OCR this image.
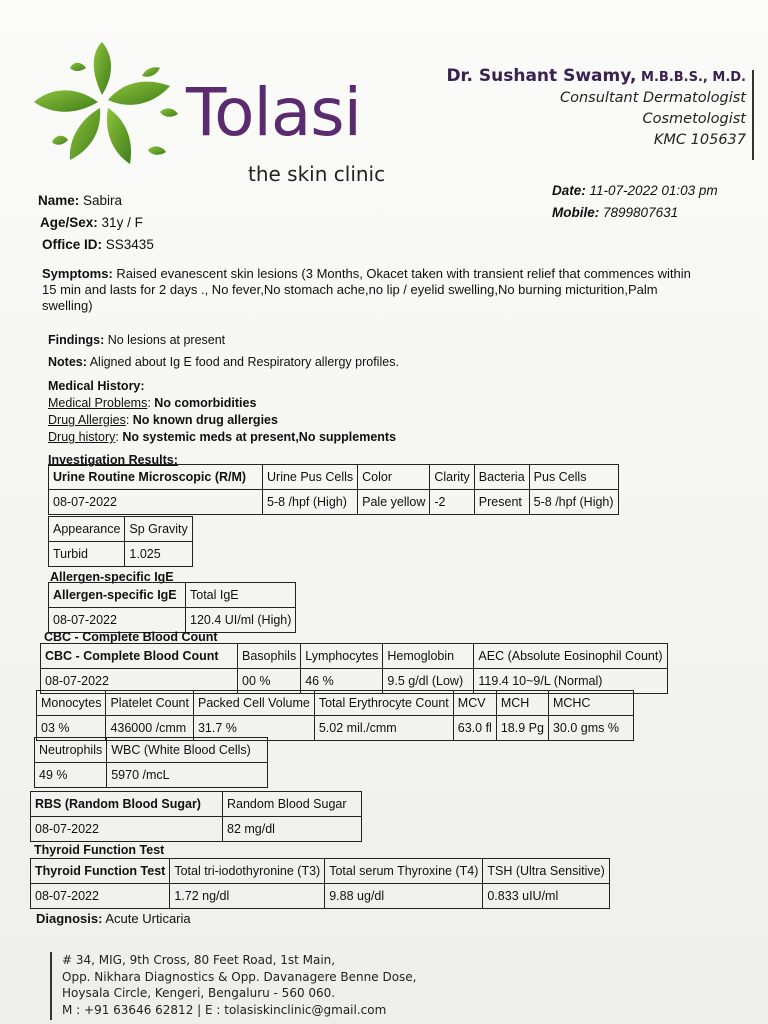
Tolasi
the skin clinic
Dr. Sushant Swamy, M.B.B.S., M.D.
Consultant Dermatologist
Cosmetologist
KMC 105637
Name: Sabira
Age/Sex: 31y / F
Office ID: SS3435
Date: 11-07-2022 01:03 pm
Mobile: 7899807631
Symptoms: Raised evanescent skin lesions (3 Months, Okacet taken with transient relief that commences within
15 min and lasts for 2 days ., No fever,No stomach ache,no lip / eyelid swelling,No burning micturition,Palm
swelling)
Findings: No lesions at present
Notes: Aligned about Ig E food and Respiratory allergy profiles.
Medical History:
Medical Problems: No comorbidities
Drug Allergies: No known drug allergies
Drug history: No systemic meds at present,No supplements
Investigation Results:
Urine Routine Microscopic (R/M)	Urine Pus Cells	Color	Clarity	Bacteria	Pus Cells
08-07-2022	5-8 /hpf (High)	Pale yellow	-2	Present	5-8 /hpf (High)
Appearance	Sp Gravity
Turbid	1.025
Allergen-specific IgE
Allergen-specific IgE	Total IgE
08-07-2022	120.4 UI/ml (High)
CBC - Complete Blood Count
CBC - Complete Blood Count	Basophils	Lymphocytes	Hemoglobin	AEC (Absolute Eosinophil Count)
08-07-2022	00 %	46 %	9.5 g/dl (Low)	119.4 10~9/L (Normal)
Monocytes	Platelet Count	Packed Cell Volume	Total Erythrocyte Count	MCV	MCH	MCHC
03 %	436000 /cmm	31.7 %	5.02 mil./cmm	63.0 fl	18.9 Pg	30.0 gms %
Neutrophils	WBC (White Blood Cells)
49 %	5970 /mcL
RBS (Random Blood Sugar)	Random Blood Sugar
08-07-2022	82 mg/dl
Thyroid Function Test
Thyroid Function Test	Total tri-iodothyronine (T3)	Total serum Thyroxine (T4)	TSH (Ultra Sensitive)
08-07-2022	1.72 ng/dl	9.88 ug/dl	0.833 uIU/ml
Diagnosis: Acute Urticaria
# 34, MIG, 9th Cross, 80 Feet Road, 1st Main,
Opp. Nikhara Diagnostics & Opp. Davanagere Benne Dose,
Hoysala Circle, Kengeri, Bengaluru - 560 060.
M : +91 63646 62812 | E : tolasiskinclinic@gmail.com
